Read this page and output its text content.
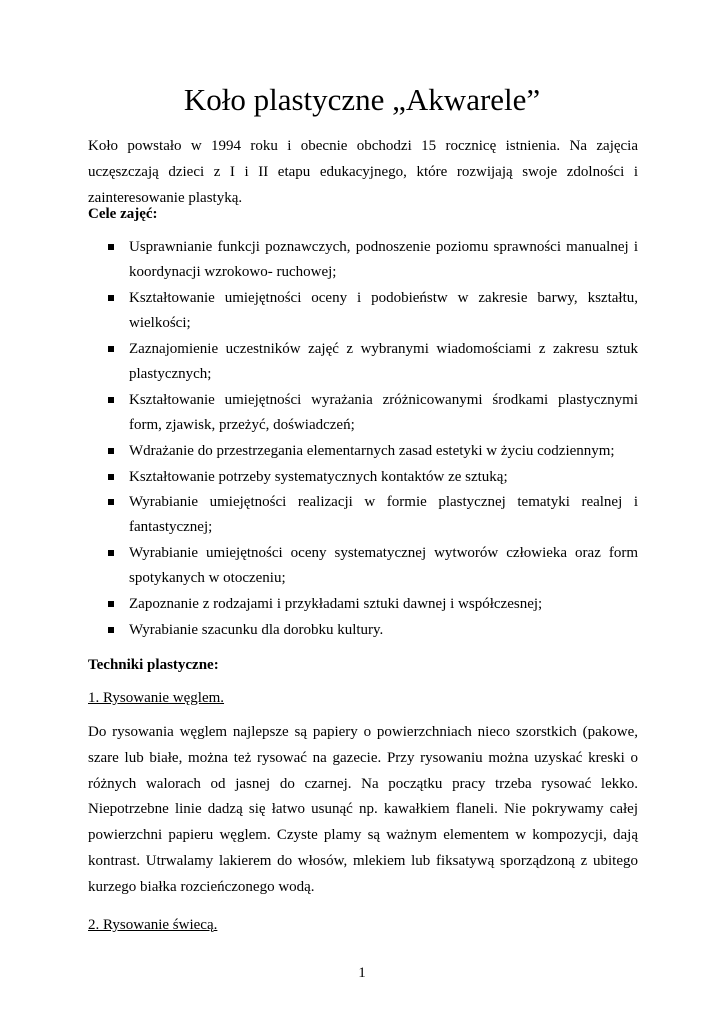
Koło plastyczne „Akwarele”

Koło powstało w 1994 roku i obecnie obchodzi 15 rocznicę istnienia. Na zajęcia uczęszczają dzieci z I i II etapu edukacyjnego, które rozwijają swoje zdolności i zainteresowanie plastyką.

Cele zajęć:

Usprawnianie funkcji poznawczych, podnoszenie poziomu sprawności manualnej i koordynacji wzrokowo- ruchowej;
Kształtowanie umiejętności oceny i podobieństw w zakresie barwy, kształtu, wielkości;
Zaznajomienie uczestników zajęć z wybranymi wiadomościami z zakresu sztuk plastycznych;
Kształtowanie umiejętności wyrażania zróżnicowanymi środkami plastycznymi form, zjawisk, przeżyć, doświadczeń;
Wdrażanie do przestrzegania elementarnych zasad estetyki w życiu codziennym;
Kształtowanie potrzeby systematycznych kontaktów ze sztuką;
Wyrabianie umiejętności realizacji w formie plastycznej tematyki realnej i fantastycznej;
Wyrabianie umiejętności oceny systematycznej wytworów człowieka oraz form spotykanych w otoczeniu;
Zapoznanie z rodzajami i przykładami sztuki dawnej i współczesnej;
Wyrabianie szacunku dla dorobku kultury.

Techniki plastyczne:

1. Rysowanie węglem.

Do rysowania węglem najlepsze są papiery o powierzchniach nieco szorstkich (pakowe, szare lub białe, można też rysować na gazecie. Przy rysowaniu można uzyskać kreski o różnych walorach od jasnej do czarnej. Na początku pracy trzeba rysować lekko. Niepotrzebne linie dadzą się łatwo usunąć np. kawałkiem flaneli. Nie pokrywamy całej powierzchni papieru węglem. Czyste plamy są ważnym elementem w kompozycji, dają kontrast. Utrwalamy lakierem do włosów, mlekiem lub fiksatywą sporządzoną z ubitego kurzego białka rozcieńczonego wodą.

2. Rysowanie świecą.

1
